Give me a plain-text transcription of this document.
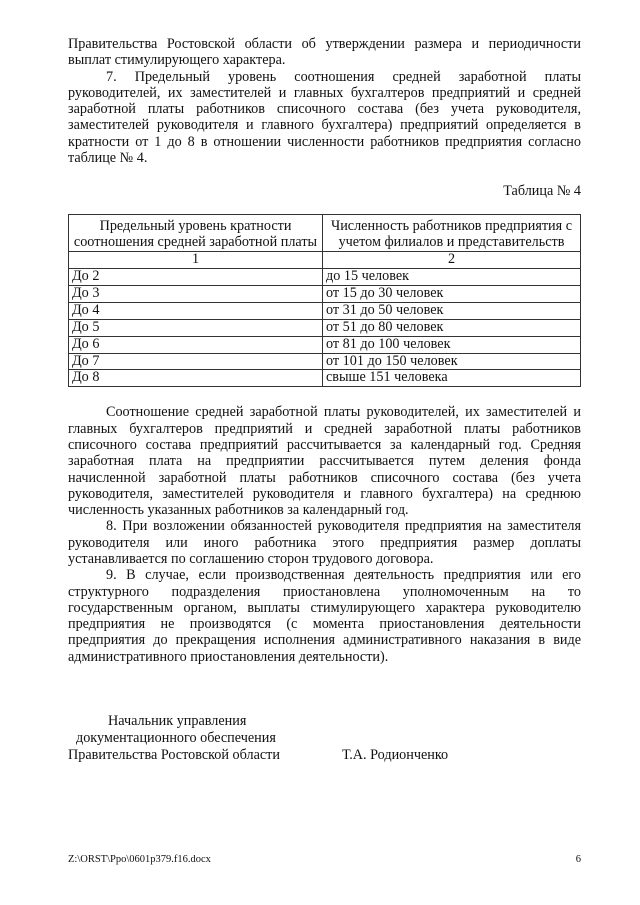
Правительства Ростовской области об утверждении размера и периодичности выплат стимулирующего характера.

7. Предельный уровень соотношения средней заработной платы руководителей, их заместителей и главных бухгалтеров предприятий и средней заработной платы работников списочного состава (без учета руководителя, заместителей руководителя и главного бухгалтера) предприятий определяется в кратности от 1 до 8 в отношении численности работников предприятия согласно таблице № 4.

Таблица № 4

Предельный уровень кратности соотношения средней заработной платы	Численность работников предприятия с учетом филиалов и представительств
1	2
До 2	до 15 человек
До 3	от 15 до 30 человек
До 4	от 31 до 50 человек
До 5	от 51 до 80 человек
До 6	от 81 до 100 человек
До 7	от 101 до 150 человек
До 8	свыше 151 человека

Соотношение средней заработной платы руководителей, их заместителей и главных бухгалтеров предприятий и средней заработной платы работников списочного состава предприятий рассчитывается за календарный год. Средняя заработная плата на предприятии рассчитывается путем деления фонда начисленной заработной платы работников списочного состава (без учета руководителя, заместителей руководителя и главного бухгалтера) на среднюю численность указанных работников за календарный год.

8. При возложении обязанностей руководителя предприятия на заместителя руководителя или иного работника этого предприятия размер доплаты устанавливается по соглашению сторон трудового договора.

9. В случае, если производственная деятельность предприятия или его структурного подразделения приостановлена уполномоченным на то государственным органом, выплаты стимулирующего характера руководителю предприятия не производятся (с момента приостановления деятельности предприятия до прекращения исполнения административного наказания в виде административного приостановления деятельности).

Начальник управления
документационного обеспечения
Правительства Ростовской области	Т.А. Родионченко
Z:\ORST\Ppo\0601p379.f16.docx	6
